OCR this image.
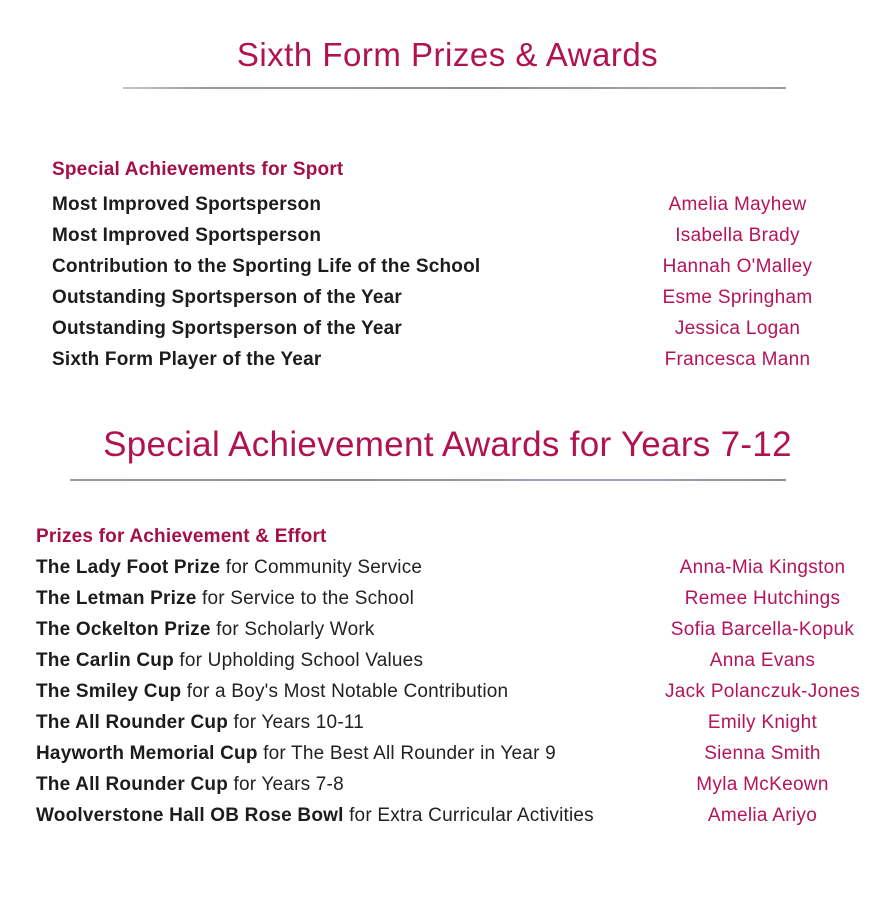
Sixth Form Prizes & Awards
Special Achievements for Sport
Most Improved Sportsperson	Amelia Mayhew
Most Improved Sportsperson	Isabella Brady
Contribution to the Sporting Life of the School	Hannah O'Malley
Outstanding Sportsperson of the Year	Esme Springham
Outstanding Sportsperson of the Year	Jessica Logan
Sixth Form Player of the Year	Francesca Mann
Special Achievement Awards for Years 7-12
Prizes for Achievement & Effort
The Lady Foot Prize for Community Service	Anna-Mia Kingston
The Letman Prize for Service to the School	Remee Hutchings
The Ockelton Prize for Scholarly Work	Sofia Barcella-Kopuk
The Carlin Cup for Upholding School Values	Anna Evans
The Smiley Cup for a Boy's Most Notable Contribution	Jack Polanczuk-Jones
The All Rounder Cup for Years 10-11	Emily Knight
Hayworth Memorial Cup for The Best All Rounder in Year 9	Sienna Smith
The All Rounder Cup for Years 7-8	Myla McKeown
Woolverstone Hall OB Rose Bowl for Extra Curricular Activities	Amelia Ariyo
